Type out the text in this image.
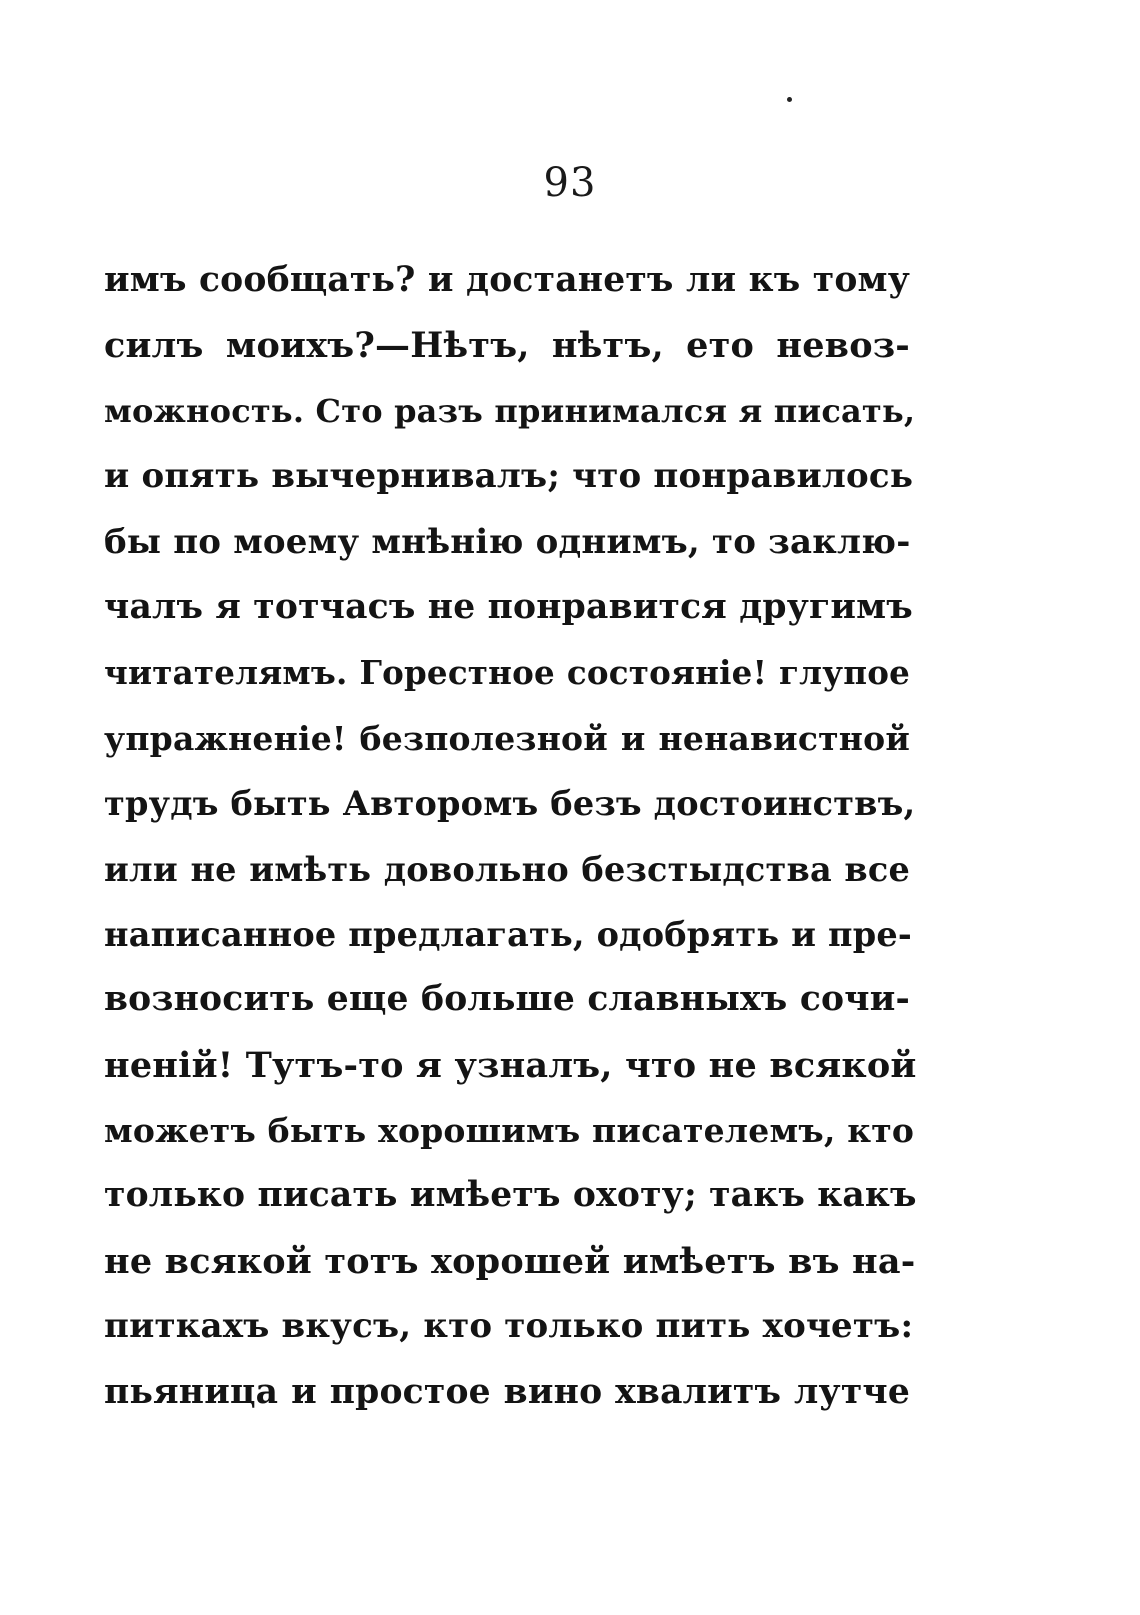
93
имъ сообщать? и достанетъ ли къ тому
силъ моихъ?—Нѣтъ, нѣтъ, ето невоз-
можность. Сто разъ принимался я писать,
и опять вычернивалъ; что понравилось
бы по моему мнѣнію однимъ, то заклю-
чалъ я тотчасъ не понравится другимъ
читателямъ. Горестное состояніе! глупое
упражненіе! безполезной и ненавистной
трудъ быть Авторомъ безъ достоинствъ,
или не имѣть довольно безстыдства все
написанное предлагать, одобрять и пре-
возносить еще больше славныхъ сочи-
неній! Тутъ-то я узналъ, что не всякой
можетъ быть хорошимъ писателемъ, кто
только писать имѣетъ охоту; такъ какъ
не всякой тотъ хорошей имѣетъ въ на-
питкахъ вкусъ, кто только пить хочетъ:
пьяница и простое вино хвалитъ лутче
